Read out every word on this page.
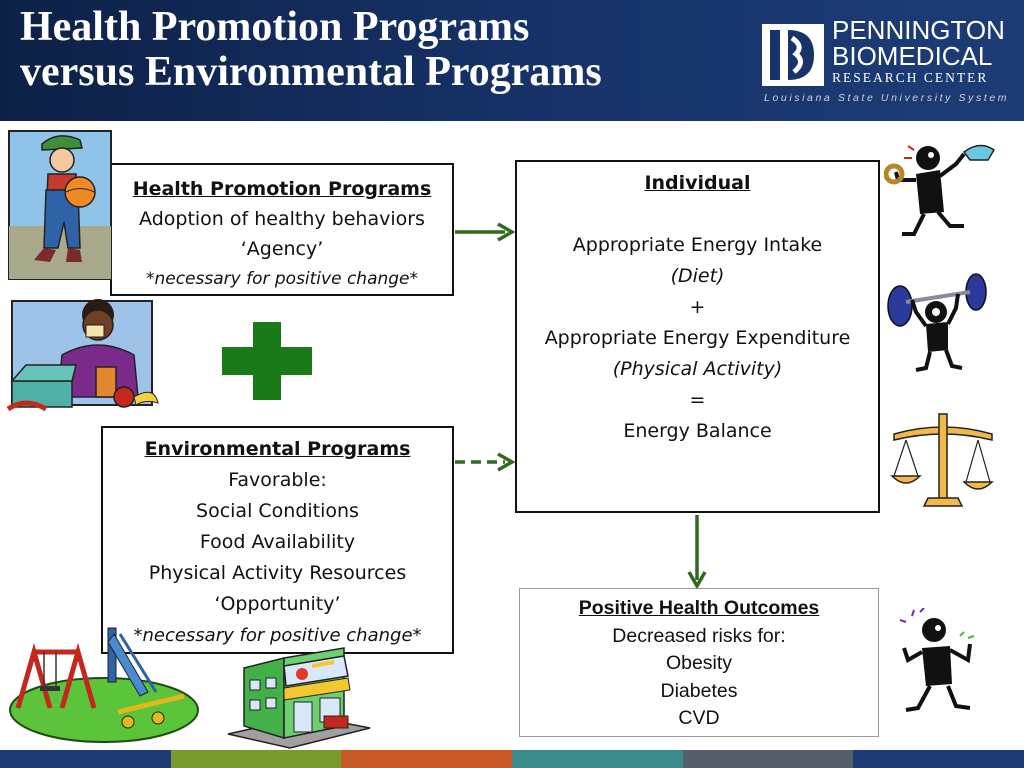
Health Promotion Programs
versus Environmental Programs
PENNINGTON
BIOMEDICAL
RESEARCH CENTER
Louisiana State University System
Health Promotion Programs
Adoption of healthy behaviors
‘Agency’
*necessary for positive change*
Environmental Programs
Favorable:
Social Conditions
Food Availability
Physical Activity Resources
‘Opportunity’
*necessary for positive change*
Individual
Appropriate Energy Intake
(Diet)
+
Appropriate Energy Expenditure
(Physical Activity)
=
Energy Balance
Positive Health Outcomes
Decreased risks for:
Obesity
Diabetes
CVD
